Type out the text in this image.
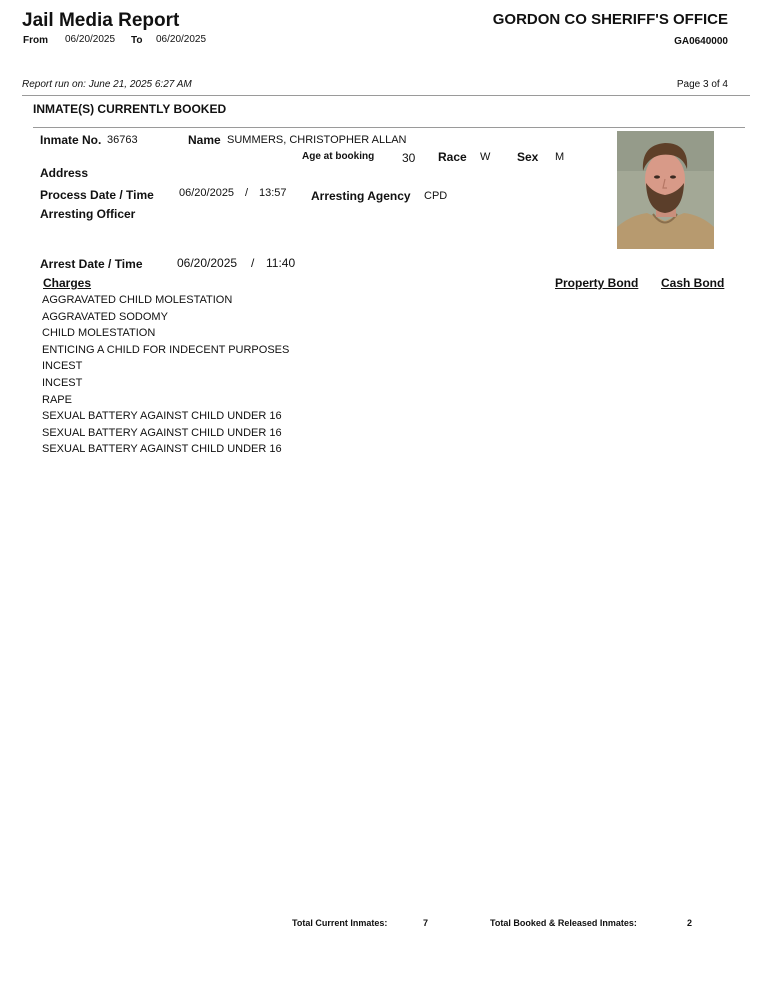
Jail Media Report	GORDON CO SHERIFF'S OFFICE
From 06/20/2025 To 06/20/2025	GA0640000
Report run on: June 21, 2025 6:27 AM	Page 3 of 4
INMATE(S) CURRENTLY BOOKED
Inmate No. 36763	Name SUMMERS, CHRISTOPHER ALLAN
Age at booking 30 Race W Sex M
Address
Process Date / Time 06/20/2025 / 13:57 Arresting Agency CPD
Arresting Officer
Arrest Date / Time	06/20/2025 / 11:40
Charges	Property Bond Cash Bond
AGGRAVATED CHILD MOLESTATION
AGGRAVATED SODOMY
CHILD MOLESTATION
ENTICING A CHILD FOR INDECENT PURPOSES
INCEST
INCEST
RAPE
SEXUAL BATTERY AGAINST CHILD UNDER 16
SEXUAL BATTERY AGAINST CHILD UNDER 16
SEXUAL BATTERY AGAINST CHILD UNDER 16
Total Current Inmates:	7	Total Booked & Released Inmates:	2
